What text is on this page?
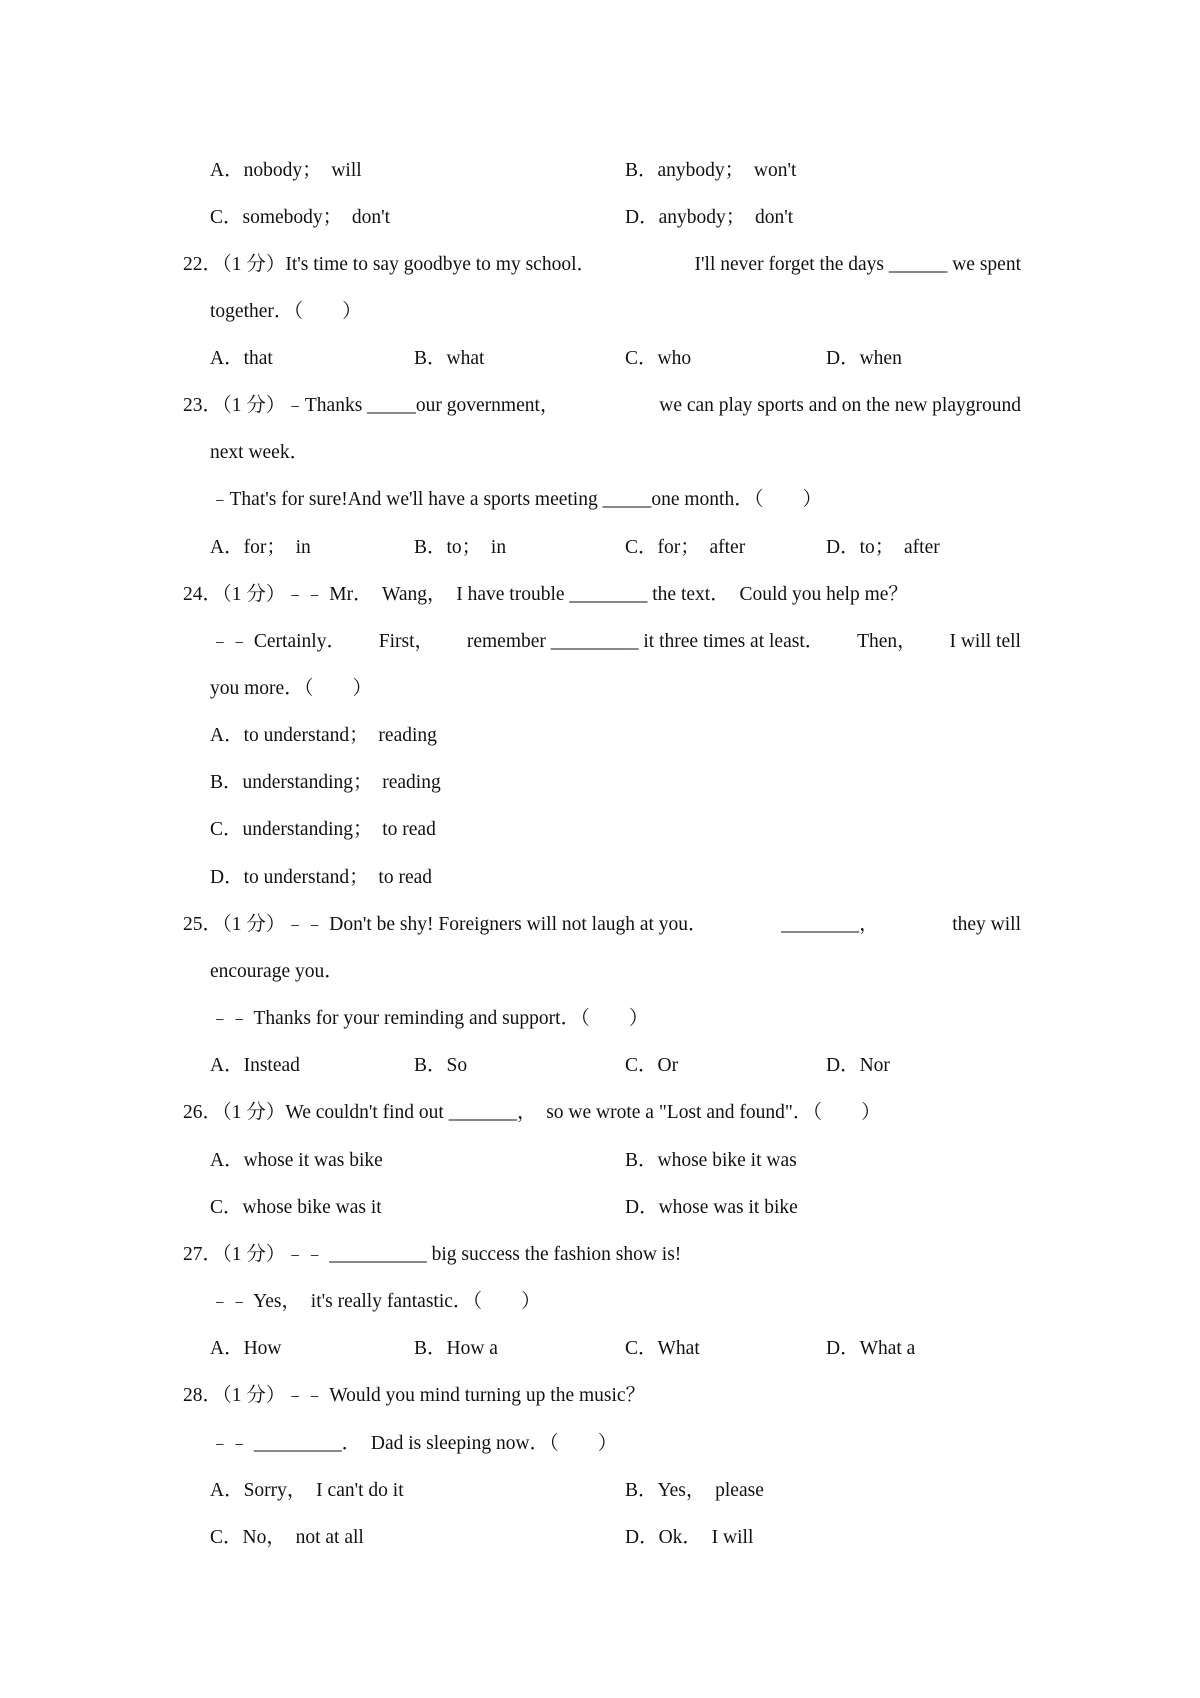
A．nobody；  will	B．anybody；  won't
C．somebody；  don't	D．anybody；  don't
22．（1 分）It's time to say goodbye to my school．	I'll never forget the days ______ we spent
together．（　　）
A．that	B．what	C．who	D．when
23．（1 分）﹣Thanks _____our government，	we can play sports and on the new playground
next week．
﹣That's for sure!And we'll have a sports meeting _____one month．（　　）
A．for；  in	B．to；  in	C．for；  after	D．to；  after
24．（1 分）﹣﹣ Mr．  Wang，  I have trouble ________ the text．  Could you help me？
﹣﹣ Certainly． First， remember _________ it three times at least． Then， I will tell
you more．（　　）
A．to understand；  reading
B．understanding；  reading
C．understanding；  to read
D．to understand；  to read
25．（1 分）﹣﹣ Don't be shy! Foreigners will not laugh at you．	________，	they will
encourage you．
﹣﹣ Thanks for your reminding and support．（　　）
A．Instead	B．So	C．Or	D．Nor
26．（1 分）We couldn't find out _______，  so we wrote a "Lost and found"．（　　）
A．whose it was bike	B．whose bike it was
C．whose bike was it	D．whose was it bike
27．（1 分）﹣﹣ __________ big success the fashion show is!
﹣﹣ Yes，  it's really fantastic．（　　）
A．How	B．How a	C．What	D．What a
28．（1 分）﹣﹣ Would you mind turning up the music？
﹣﹣ _________．  Dad is sleeping now．（　　）
A．Sorry，  I can't do it	B．Yes，  please
C．No，  not at all	D．Ok．  I will
